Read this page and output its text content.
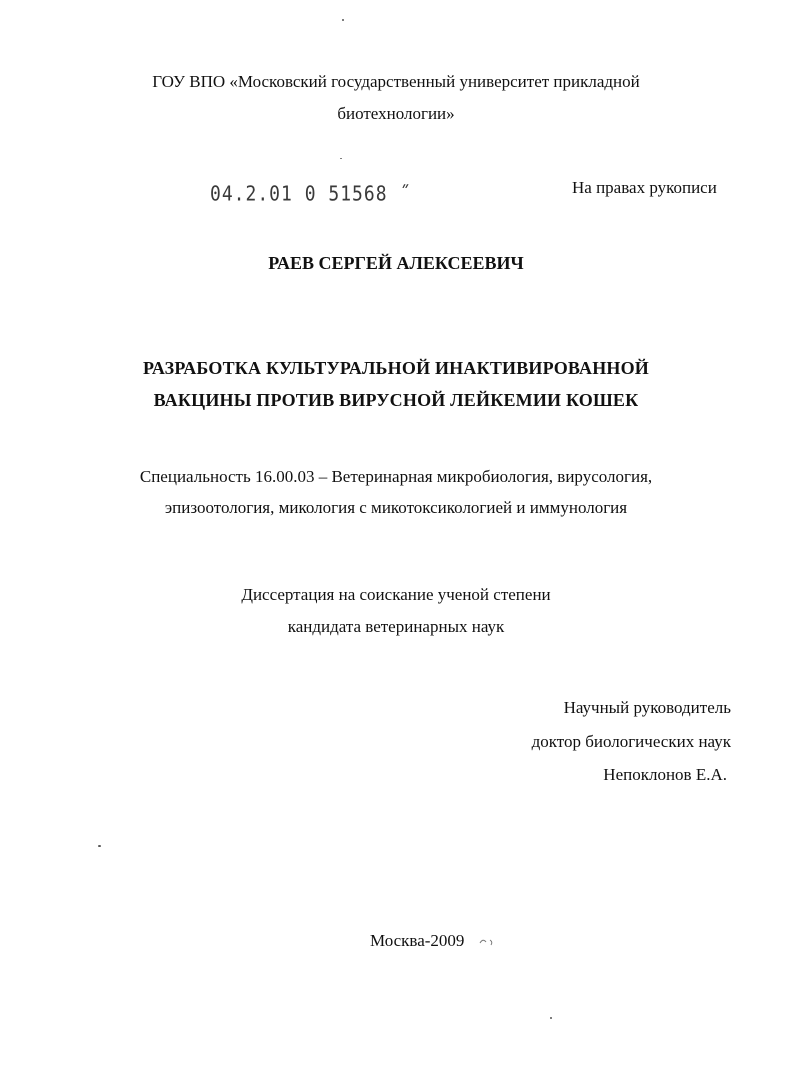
ГОУ ВПО «Московский государственный университет прикладной
биотехнологии»
04.2.01 0 51568 ˝	На правах рукописи
РАЕВ СЕРГЕЙ АЛЕКСЕЕВИЧ
РАЗРАБОТКА КУЛЬТУРАЛЬНОЙ ИНАКТИВИРОВАННОЙ
ВАКЦИНЫ ПРОТИВ ВИРУСНОЙ ЛЕЙКЕМИИ КОШЕК
Специальность 16.00.03 – Ветеринарная микробиология, вирусология,
эпизоотология, микология с микотоксикологией и иммунология
Диссертация на соискание ученой степени
кандидата ветеринарных наук
Научный руководитель
доктор биологических наук
Непоклонов Е.А.
Москва-2009
